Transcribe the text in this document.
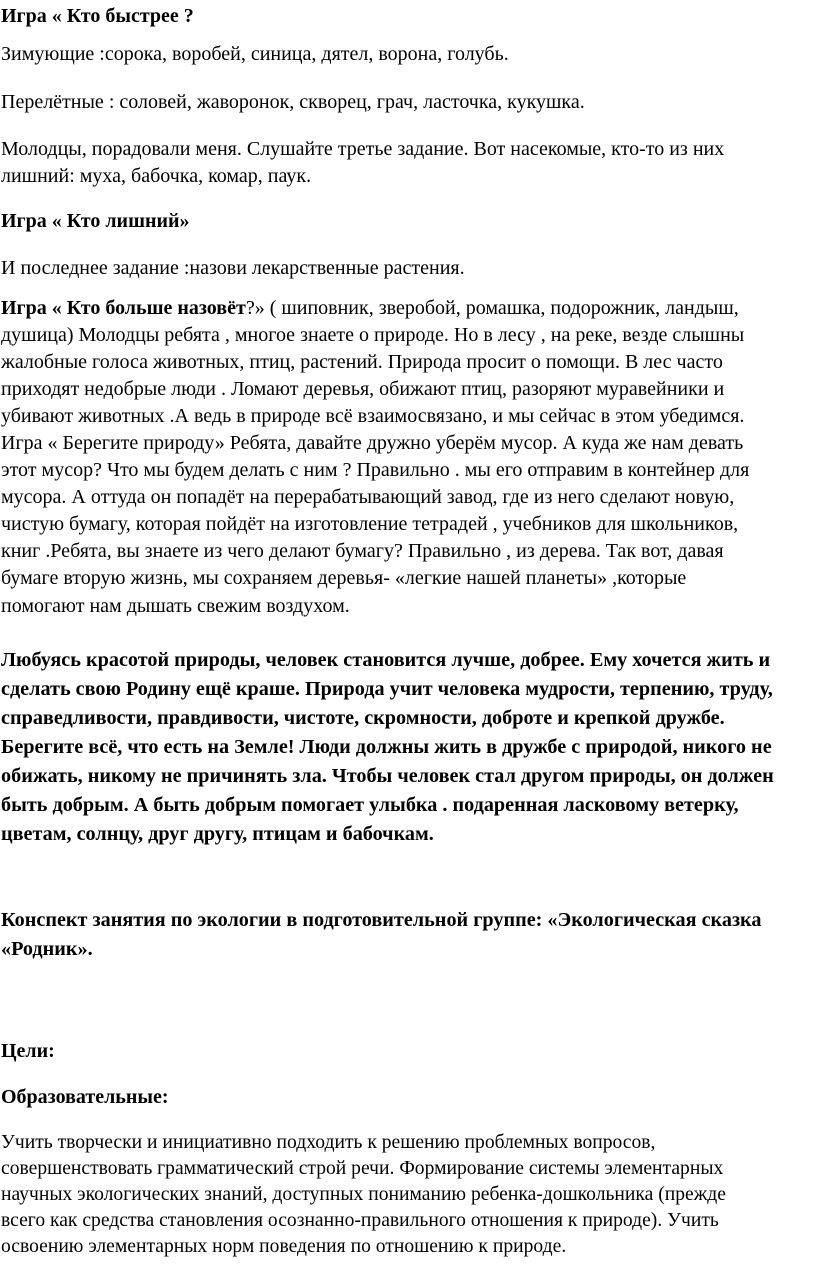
Игра « Кто быстрее ?

Зимующие :сорока, воробей, синица, дятел, ворона, голубь.

Перелётные : соловей, жаворонок, скворец, грач, ласточка, кукушка.

Молодцы, порадовали меня. Слушайте третье задание. Вот насекомые, кто-то из них

лишний: муха, бабочка, комар, паук.

Игра « Кто лишний»

И последнее задание :назови лекарственные растения.

Игра « Кто больше назовёт?» ( шиповник, зверобой, ромашка, подорожник, ландыш,

душица) Молодцы ребята , многое знаете о природе. Но в лесу , на реке, везде слышны

жалобные голоса животных, птиц, растений. Природа просит о помощи. В лес часто

приходят недобрые люди . Ломают деревья, обижают птиц, разоряют муравейники и

убивают животных .А ведь в природе всё взаимосвязано, и мы сейчас в этом убедимся.

Игра « Берегите природу» Ребята, давайте дружно уберём мусор. А куда же нам девать

этот мусор? Что мы будем делать с ним ? Правильно . мы его отправим в контейнер для

мусора. А оттуда он попадёт на перерабатывающий завод, где из него сделают новую,

чистую бумагу, которая пойдёт на изготовление тетрадей , учебников для школьников,

книг .Ребята, вы знаете из чего делают бумагу? Правильно , из дерева. Так вот, давая

бумаге вторую жизнь, мы сохраняем деревья- «легкие нашей планеты» ,которые

помогают нам дышать свежим воздухом.

Любуясь красотой природы, человек становится лучше, добрее. Ему хочется жить и

сделать свою Родину ещё краше. Природа учит человека мудрости, терпению, труду,

справедливости, правдивости, чистоте, скромности, доброте и крепкой дружбе.

Берегите всё, что есть на Земле! Люди должны жить в дружбе с природой, никого не

обижать, никому не причинять зла. Чтобы человек стал другом природы, он должен

быть добрым. А быть добрым помогает улыбка . подаренная ласковому ветерку,

цветам, солнцу, друг другу, птицам и бабочкам.

Конспект занятия по экологии в подготовительной группе: «Экологическая сказка

«Родник».

Цели:

Образовательные:

Учить творчески и инициативно подходить к решению проблемных вопросов,

совершенствовать грамматический строй речи. Формирование системы элементарных

научных экологических знаний, доступных пониманию ребенка-дошкольника (прежде

всего как средства становления осознанно-правильного отношения к природе). Учить

освоению элементарных норм поведения по отношению к природе.
